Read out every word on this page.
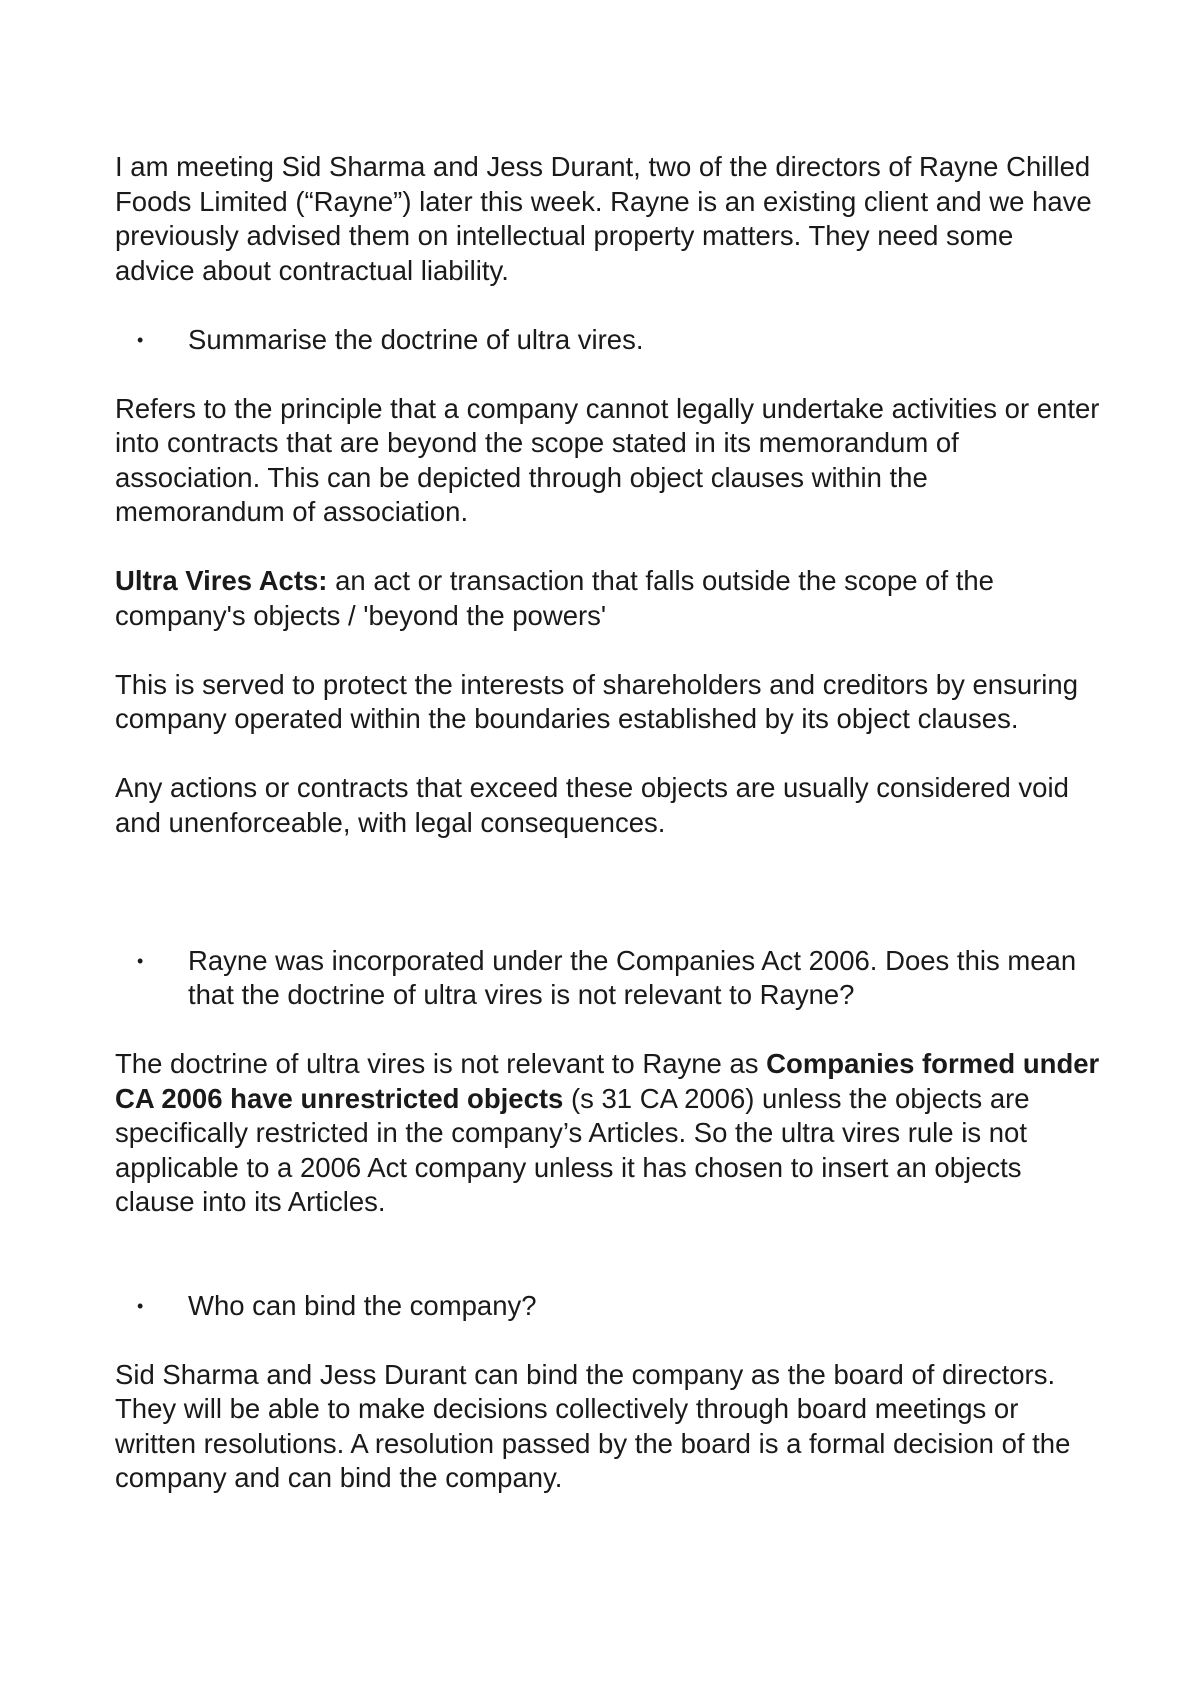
I am meeting Sid Sharma and Jess Durant, two of the directors of Rayne Chilled Foods Limited (“Rayne”) later this week. Rayne is an existing client and we have previously advised them on intellectual property matters. They need some advice about contractual liability.

• Summarise the doctrine of ultra vires.

Refers to the principle that a company cannot legally undertake activities or enter into contracts that are beyond the scope stated in its memorandum of association. This can be depicted through object clauses within the memorandum of association.

Ultra Vires Acts: an act or transaction that falls outside the scope of the company's objects / 'beyond the powers'

This is served to protect the interests of shareholders and creditors by ensuring company operated within the boundaries established by its object clauses.

Any actions or contracts that exceed these objects are usually considered void and unenforceable, with legal consequences.

• Rayne was incorporated under the Companies Act 2006. Does this mean that the doctrine of ultra vires is not relevant to Rayne?

The doctrine of ultra vires is not relevant to Rayne as Companies formed under CA 2006 have unrestricted objects (s 31 CA 2006) unless the objects are specifically restricted in the company’s Articles. So the ultra vires rule is not applicable to a 2006 Act company unless it has chosen to insert an objects clause into its Articles.

• Who can bind the company?

Sid Sharma and Jess Durant can bind the company as the board of directors. They will be able to make decisions collectively through board meetings or written resolutions. A resolution passed by the board is a formal decision of the company and can bind the company.
